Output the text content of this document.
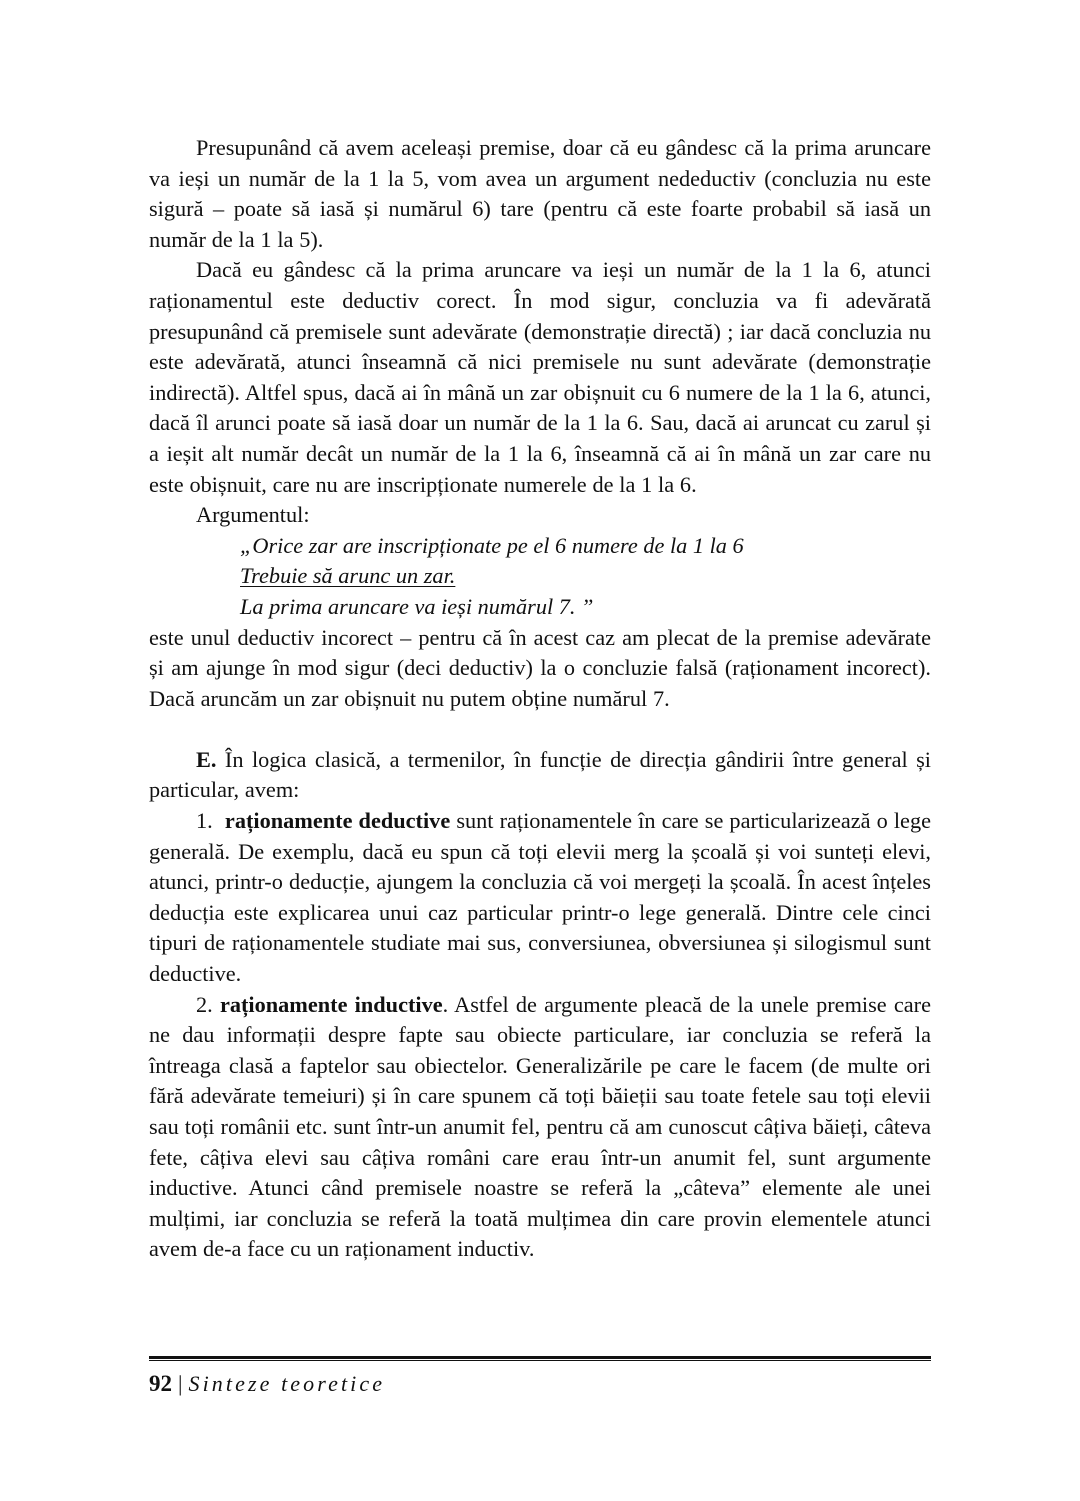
Presupunând că avem aceleași premise, doar că eu gândesc că la prima aruncare va ieși un număr de la 1 la 5, vom avea un argument nedeductiv (concluzia nu este sigură – poate să iasă și numărul 6) tare (pentru că este foarte probabil să iasă un număr de la 1 la 5).

Dacă eu gândesc că la prima aruncare va ieși un număr de la 1 la 6, atunci raționamentul este deductiv corect. În mod sigur, concluzia va fi adevărată presupunând că premisele sunt adevărate (demonstrație directă) ; iar dacă concluzia nu este adevărată, atunci înseamnă că nici premisele nu sunt adevărate (demonstrație indirectă). Altfel spus, dacă ai în mână un zar obișnuit cu 6 numere de la 1 la 6, atunci, dacă îl arunci poate să iasă doar un număr de la 1 la 6. Sau, dacă ai aruncat cu zarul și a ieșit alt număr decât un număr de la 1 la 6, înseamnă că ai în mână un zar care nu este obișnuit, care nu are inscripționate numerele de la 1 la 6.

Argumentul:

„Orice zar are inscripționate pe el 6 numere de la 1 la 6

Trebuie să arunc un zar.

La prima aruncare va ieși numărul 7. ”

este unul deductiv incorect – pentru că în acest caz am plecat de la premise adevărate și am ajunge în mod sigur (deci deductiv) la o concluzie falsă (raționament incorect). Dacă aruncăm un zar obișnuit nu putem obține numărul 7.

E. În logica clasică, a termenilor, în funcție de direcția gândirii între general și particular, avem:

1. raționamente deductive sunt raționamentele în care se particularizează o lege generală. De exemplu, dacă eu spun că toți elevii merg la școală și voi sunteți elevi, atunci, printr-o deducție, ajungem la concluzia că voi mergeți la școală. În acest înțeles deducția este explicarea unui caz particular printr-o lege generală. Dintre cele cinci tipuri de raționamentele studiate mai sus, conversiunea, obversiunea și silogismul sunt deductive.

2. raționamente inductive. Astfel de argumente pleacă de la unele premise care ne dau informații despre fapte sau obiecte particulare, iar concluzia se referă la întreaga clasă a faptelor sau obiectelor. Generalizările pe care le facem (de multe ori fără adevărate temeiuri) și în care spunem că toți băieții sau toate fetele sau toți elevii sau toți românii etc. sunt într-un anumit fel, pentru că am cunoscut câțiva băieți, câteva fete, câțiva elevi sau câțiva români care erau într-un anumit fel, sunt argumente inductive. Atunci când premisele noastre se referă la „câteva” elemente ale unei mulțimi, iar concluzia se referă la toată mulțimea din care provin elementele atunci avem de-a face cu un raționament inductiv.

92 | Sinteze teoretice
